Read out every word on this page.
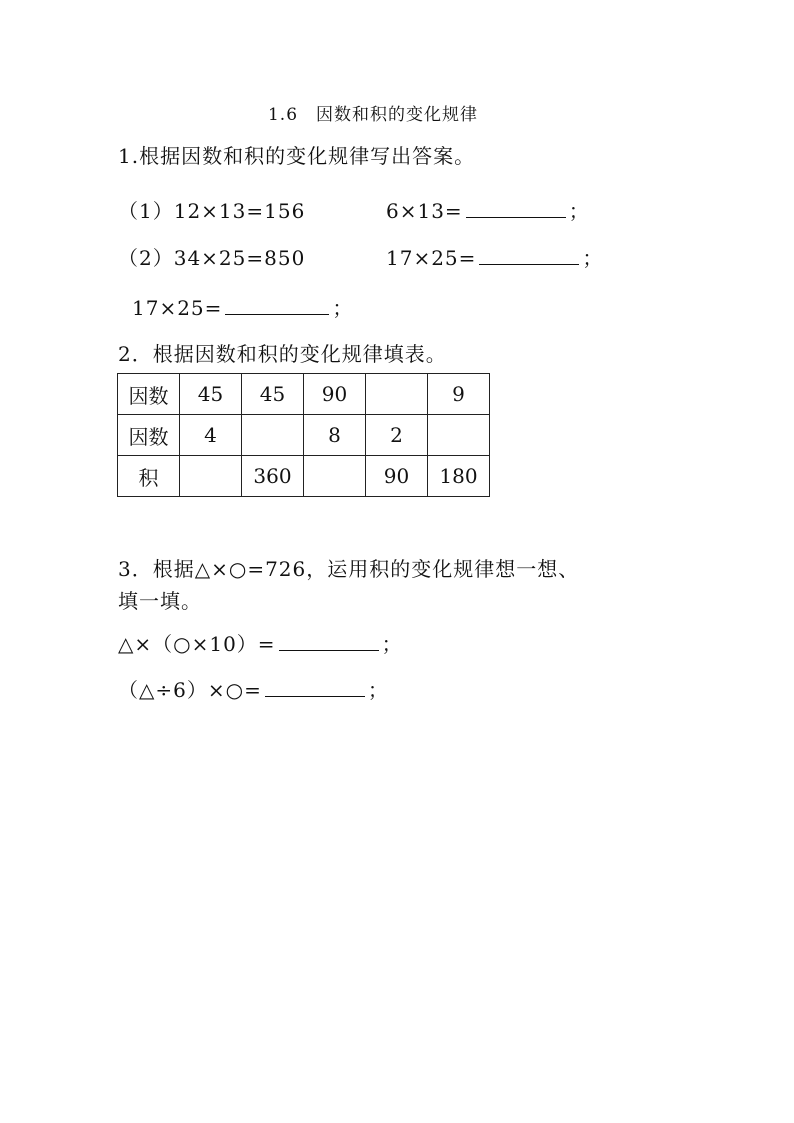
1.6　因数和积的变化规律
1.根据因数和积的变化规律写出答案。
（1）12×13=156	6×13=	；
（2）34×25=850	17×25=	；
17×25=	；
2．根据因数和积的变化规律填表。
因数	45	45	90		9
因数	4		8	2	
积		360		90	180
3．根据△×○=726，运用积的变化规律想一想、
填一填。
△×（○×10）=	；
（△÷6）×○=	；
